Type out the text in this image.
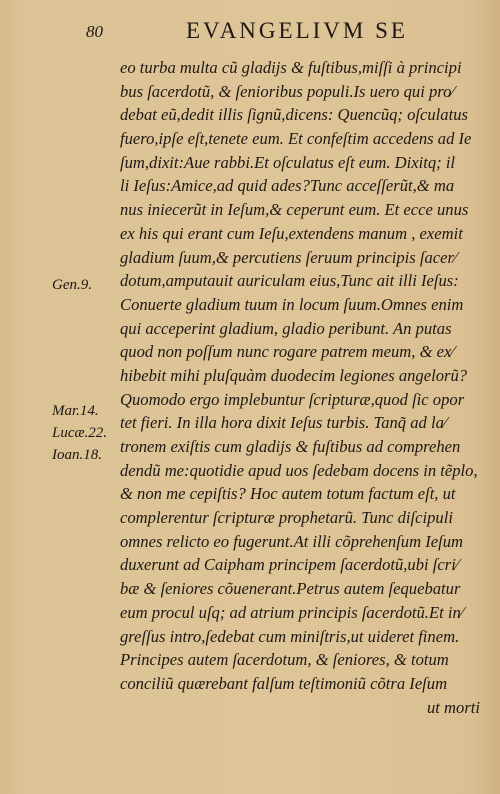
80	EVANGELIVM SE
Gen.9.
Mar.14.
Lucæ.22.
Ioan.18.
eo turba multa cũ gladijs & fuſtibus,miſſi à principi
bus ſacerdotũ, & ſenioribus populi.Is uero qui pro⁄
debat eũ,dedit illis ſignũ,dicens: Quencũq; oſculatus
fuero,ipſe eſt,tenete eum. Et confeſtim accedens ad Ie
ſum,dixit:Aue rabbi.Et oſculatus eſt eum. Dixitq; il
li Ieſus:Amice,ad quid ades?Tunc acceſſerũt,& ma
nus iniecerũt in Ieſum,& ceperunt eum. Et ecce unus
ex his qui erant cum Ieſu,extendens manum , exemit
gladium ſuum,& percutiens ſeruum principis ſacer⁄
dotum,amputauit auriculam eius,Tunc ait illi Ieſus:
Conuerte gladium tuum in locum ſuum.Omnes enim
qui acceperint gladium, gladio peribunt. An putas
quod non poſſum nunc rogare patrem meum, & ex⁄
hibebit mihi pluſquàm duodecim legiones angelorũ?
Quomodo ergo implebuntur ſcripturæ,quod ſic opor
tet fieri. In illa hora dixit Ieſus turbis. Tanq̃ ad la⁄
tronem exiſtis cum gladijs & fuſtibus ad comprehen
dendũ me:quotidie apud uos ſedebam docens in tẽplo,
& non me cepiſtis? Hoc autem totum factum eſt, ut
complerentur ſcripturæ prophetarũ. Tunc diſcipuli
omnes relicto eo fugerunt.At illi cõprehenſum Ieſum
duxerunt ad Caipham principem ſacerdotũ,ubi ſcri⁄
bæ & ſeniores cõuenerant.Petrus autem ſequebatur
eum procul uſq; ad atrium principis ſacerdotũ.Et in⁄
greſſus intro,ſedebat cum miniſtris,ut uideret finem.
Principes autem ſacerdotum, & ſeniores, & totum
conciliũ quærebant falſum teſtimoniũ cõtra Ieſum
ut morti
